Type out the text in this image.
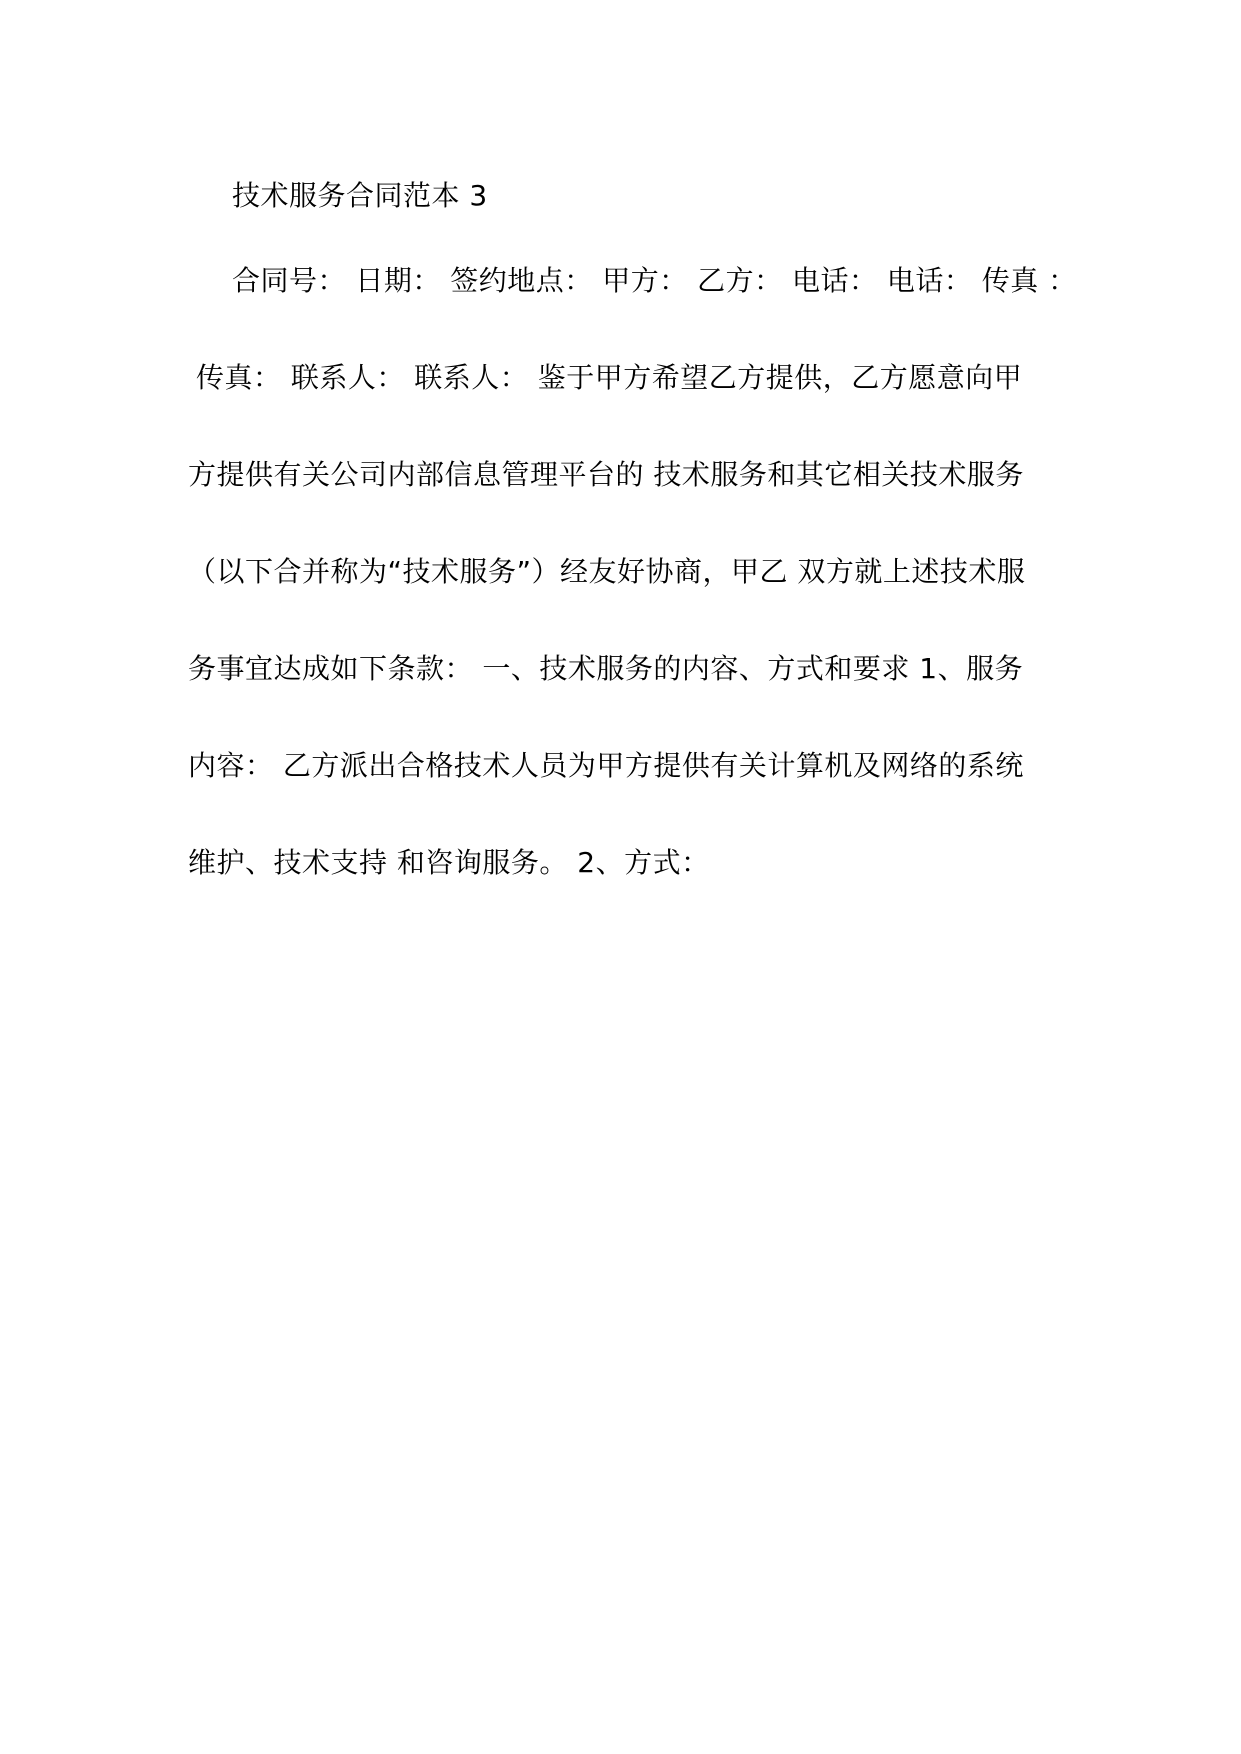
技术服务合同范本 3
合同号： 日期： 签约地点： 甲方： 乙方： 电话： 电话： 传真 ：
传真： 联系人： 联系人： 鉴于甲方希望乙方提供，乙方愿意向甲
方提供有关公司内部信息管理平台的 技术服务和其它相关技术服务
（以下合并称为“技术服务”）经友好协商，甲乙 双方就上述技术服
务事宜达成如下条款： 一、技术服务的内容、方式和要求 1、服务
内容： 乙方派出合格技术人员为甲方提供有关计算机及网络的系统
维护、技术支持 和咨询服务。 2、方式：
